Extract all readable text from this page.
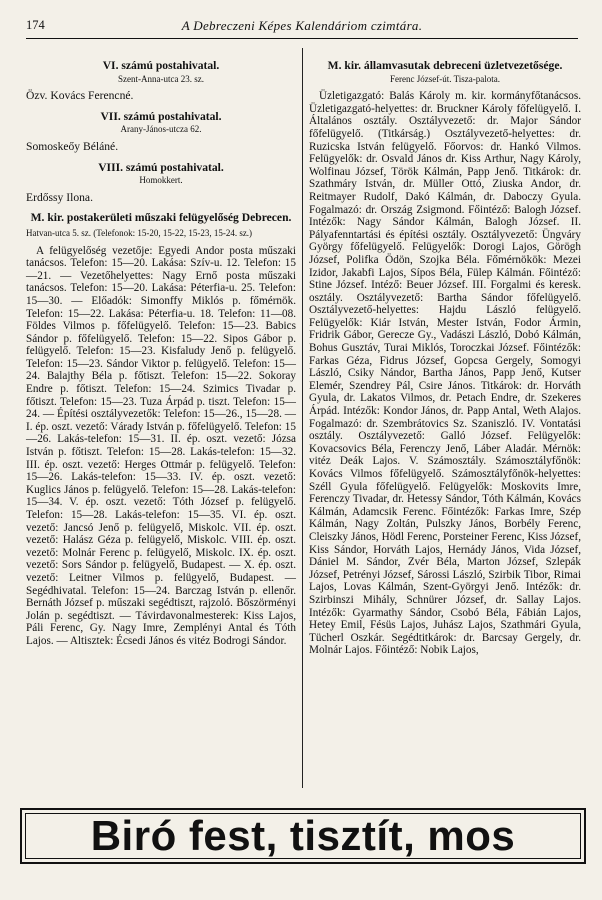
174	A Debreczeni Képes Kalendáriom czimtára.
VI. számú postahivatal.
Szent-Anna-utca 23. sz.
Özv. Kovács Ferencné.
VII. számú postahivatal.
Arany-János-utcza 62.
Somoskeőy Béláné.
VIII. számú postahivatal.
Homokkert.
Erdőssy Ilona.
M. kir. postakerületi műszaki felügyelőség Debrecen.
Hatvan-utca 5. sz. (Telefonok: 15-20, 15-22, 15-23, 15-24. sz.)

A felügyelőség vezetője: Egyedi Andor posta műszaki tanácsos. Telefon: 15—20. Lakása: Szív-u. 12. Telefon: 15—21. — Vezetőhelyettes: Nagy Ernő posta műszaki tanácsos. Telefon: 15—20. Lakása: Péterfia-u. 25. Telefon: 15—30. — Előadók: Simonffy Miklós p. főmérnök. Telefon: 15—22. Lakása: Péterfia-u. 18. Telefon: 11—08. Földes Vilmos p. főfelügyelő. Telefon: 15—23. Babics Sándor p. főfelügyelő. Telefon: 15—22. Sipos Gábor p. felügyelő. Telefon: 15—23. Kisfaludy Jenő p. felügyelő. Telefon: 15—23. Sándor Viktor p. felügyelő. Telefon: 15—24. Balajthy Béla p. főtiszt. Telefon: 15—22. Sokoray Endre p. főtiszt. Telefon: 15—24. Szimics Tivadar p. főtiszt. Telefon: 15—23. Tuza Árpád p. tiszt. Telefon: 15—24. — Építési osztályvezetők: Telefon: 15—26., 15—28. — I. ép. oszt. vezető: Várady István p. főfelügyelő. Telefon: 15—26. Lakás-telefon: 15—31. II. ép. oszt. vezető: Józsa István p. főtiszt. Telefon: 15—28. Lakás-telefon: 15—32. III. ép. oszt. vezető: Herges Ottmár p. felügyelő. Telefon: 15—26. Lakás-telefon: 15—33. IV. ép. oszt. vezető: Kuglics János p. felügyelő. Telefon: 15—28. Lakás-telefon: 15—34. V. ép. oszt. vezető: Tóth József p. felügyelő. Telefon: 15—28. Lakás-telefon: 15—35. VI. ép. oszt. vezető: Jancsó Jenő p. felügyelő, Miskolc. VII. ép. oszt. vezető: Halász Géza p. felügyelő, Miskolc. VIII. ép. oszt. vezető: Molnár Ferenc p. felügyelő, Miskolc. IX. ép. oszt. vezető: Sors Sándor p. felügyelő, Budapest. — X. ép. oszt. vezető: Leitner Vilmos p. felügyelő, Budapest. — Segédhivatal. Telefon: 15—24. Barczag István p. ellenőr. Bernáth József p. műszaki segédtiszt, rajzoló. Bőszörményi Jolán p. segédtiszt. — Távirdavonalmesterek: Kiss Lajos, Páli Ferenc, Gy. Nagy Imre, Zemplényi Antal és Tóth Lajos. — Altisztek: Écsedi János és vitéz Bodrogi Sándor.

M. kir. államvasutak debreceni üzletvezetősége.
Ferenc József-út. Tisza-palota.

Üzletigazgató: Balás Károly m. kir. kormányfőtanácsos. Üzletigazgató-helyettes: dr. Bruckner Károly főfelügyelő. I. Általános osztály. Osztályvezető: dr. Major Sándor főfelügyelő. (Titkárság.) Osztályvezető-helyettes: dr. Ruzicska István felügyelő. Főorvos: dr. Hankó Vilmos. Felügyelők: dr. Osvald János dr. Kiss Arthur, Nagy Károly, Wolfinau József, Török Kálmán, Papp Jenő. Titkárok: dr. Szathmáry István, dr. Müller Ottó, Ziuska Andor, dr. Reitmayer Rudolf, Dakó Kálmán, dr. Daboczy Gyula. Fogalmazó: dr. Ország Zsigmond. Főintéző: Balogh József. Intézők: Nagy Sándor Kálmán, Balogh József. II. Pályafenntartási és építési osztály. Osztályvezető: Üngváry György főfelügyelő. Felügyelők: Dorogi Lajos, Görögh József, Polifka Ödön, Szojka Béla. Főmérnökök: Mezei Izidor, Jakabfi Lajos, Sípos Béla, Fülep Kálmán. Főintéző: Stine József. Intéző: Beuer József. III. Forgalmi és keresk. osztály. Osztályvezető: Bartha Sándor főfelügyelő. Osztályvezető-helyettes: Hajdu László felügyelő. Felügyelők: Kiár István, Mester István, Fodor Ármin, Fridrik Gábor, Gerecze Gy., Vadászi László, Dobó Kálmán, Bohus Gusztáv, Turai Miklós, Toroczkai József. Főintézők: Farkas Géza, Fidrus József, Gopcsa Gergely, Somogyi László, Csiky Nándor, Bartha János, Papp Jenő, Kutser Elemér, Szendrey Pál, Csire János. Titkárok: dr. Horváth Gyula, dr. Lakatos Vilmos, dr. Petach Endre, dr. Szekeres Árpád. Intézők: Kondor János, dr. Papp Antal, Weth Alajos. Fogalmazó: dr. Szembrátovics Sz. Szaniszló. IV. Vontatási osztály. Osztályvezető: Galló József. Felügyelők: Kovacsovics Béla, Ferenczy Jenő, Láber Aladár. Mérnök: vitéz Deák Lajos. V. Számosztály. Számosztályfőnök: Kovács Vilmos főfelügyelő. Számosztályfőnök-helyettes: Széll Gyula főfelügyelő. Felügyelők: Moskovits Imre, Ferenczy Tivadar, dr. Hetessy Sándor, Tóth Kálmán, Kovács Kálmán, Adamcsik Ferenc. Főintézők: Farkas Imre, Szép Kálmán, Nagy Zoltán, Pulszky János, Borbély Ferenc, Cleiszky János, Hödl Ferenc, Porsteiner Ferenc, Kiss József, Kiss Sándor, Horváth Lajos, Hernády János, Vida József, Dániel M. Sándor, Zvér Béla, Marton József, Szlepák József, Petrényi József, Sárossi László, Szirbik Tibor, Rimai Lajos, Lovas Kálmán, Szent-Györgyi Jenő. Intézők: dr. Szirbinszi Mihály, Schnürer József, dr. Sallay Lajos. Intézők: Gyarmathy Sándor, Csobó Béla, Fábián Lajos, Hetey Emil, Fésüs Lajos, Juhász Lajos, Szathmári Gyula, Tücherl Oszkár. Segédtitkárok: dr. Barcsay Gergely, dr. Molnár Lajos. Főintéző: Nobik Lajos,

Biró fest, tisztít, mos
